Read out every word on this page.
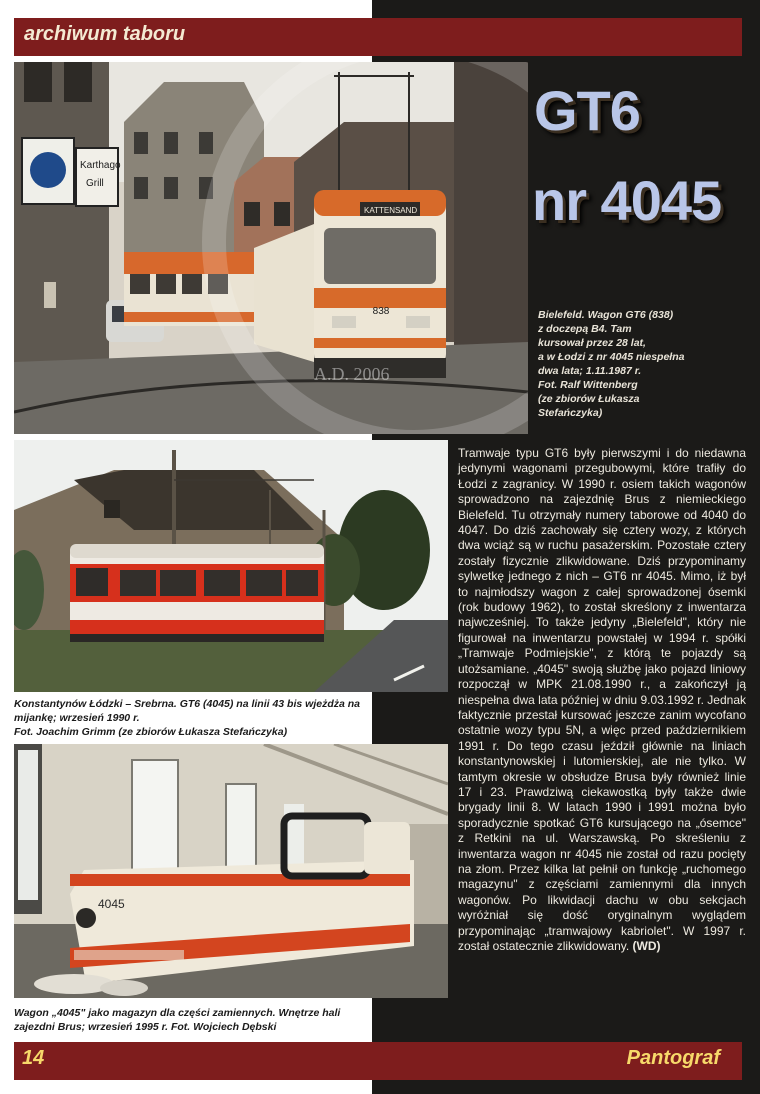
archiwum taboru
Karthago
Grill
KATTENSAND
838
A.D. 2006
GT6
nr 4045
Bielefeld. Wagon GT6 (838)
z doczepą B4. Tam
kursował przez 28 lat,
a w Łodzi z nr 4045 niespełna
dwa lata; 1.11.1987 r.
Fot. Ralf Wittenberg
(ze zbiorów Łukasza
Stefańczyka)
Konstantynów Łódzki – Srebrna. GT6 (4045) na linii 43 bis wjeżdża na
mijankę; wrzesień 1990 r.
Fot. Joachim Grimm (ze zbiorów Łukasza Stefańczyka)
4045
Wagon „4045" jako magazyn dla części zamiennych. Wnętrze hali
zajezdni Brus; wrzesień 1995 r. Fot. Wojciech Dębski
Tramwaje typu GT6 były pierwszymi i do niedawna jedynymi wagonami przegubowymi, które trafiły do Łodzi z zagranicy. W 1990 r. osiem takich wagonów sprowadzono na zajezdnię Brus z niemieckiego Bielefeld. Tu otrzymały numery taborowe od 4040 do 4047. Do dziś zachowały się cztery wozy, z których dwa wciąż są w ruchu pasażerskim. Pozostałe cztery zostały fizycznie zlikwidowane. Dziś przypominamy sylwetkę jednego z nich – GT6 nr 4045. Mimo, iż był to najmłodszy wagon z całej sprowadzonej ósemki (rok budowy 1962), to został skreślony z inwentarza najwcześniej. To także jedyny „Bielefeld", który nie figurował na inwentarzu powstałej w 1994 r. spółki „Tramwaje Podmiejskie", z którą te pojazdy są utożsamiane. „4045" swoją służbę jako pojazd liniowy rozpoczął w MPK 21.08.1990 r., a zakończył ją niespełna dwa lata później w dniu 9.03.1992 r. Jednak faktycznie przestał kursować jeszcze zanim wycofano ostatnie wozy typu 5N, a więc przed październikiem 1991 r. Do tego czasu jeździł głównie na liniach konstantynowskiej i lutomierskiej, ale nie tylko. W tamtym okresie w obsłudze Brusa były również linie 17 i 23. Prawdziwą ciekawostką były także dwie brygady linii 8. W latach 1990 i 1991 można było sporadycznie spotkać GT6 kursującego na „ósemce" z Retkini na ul. Warszawską. Po skreśleniu z inwentarza wagon nr 4045 nie został od razu pocięty na złom. Przez kilka lat pełnił on funkcję „ruchomego magazynu" z częściami zamiennymi dla innych wagonów. Po likwidacji dachu w obu sekcjach wyróżniał się dość oryginalnym wyglądem przypominając „tramwajowy kabriolet". W 1997 r. został ostatecznie zlikwidowany. (WD)
14	Pantograf
